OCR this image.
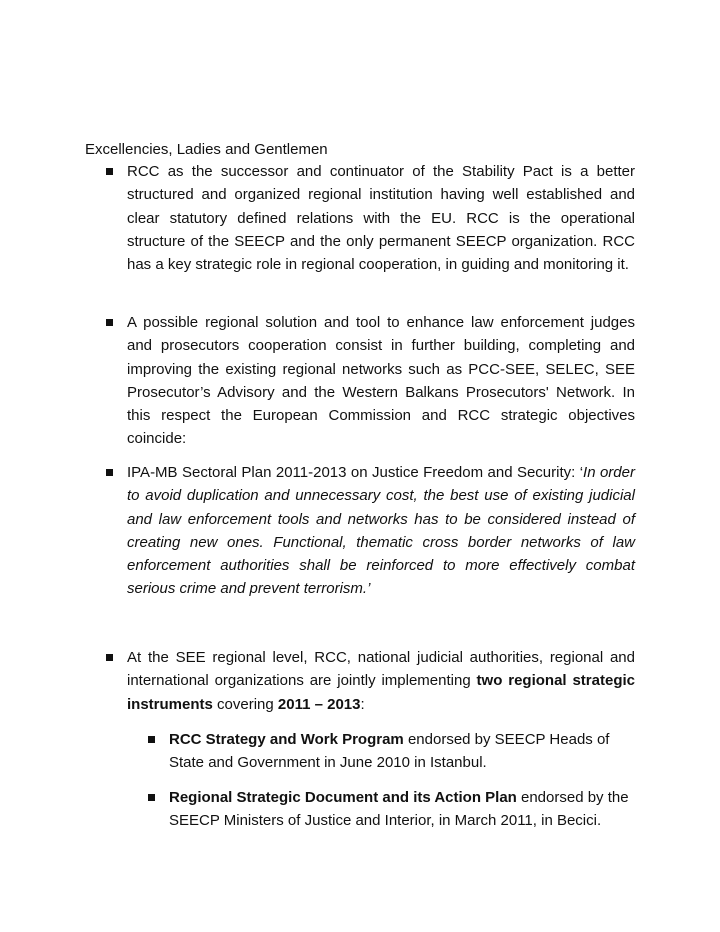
Excellencies, Ladies and Gentlemen
RCC as the successor and continuator of the Stability Pact is a better structured and organized regional institution having well established and clear statutory defined relations with the EU. RCC is the operational structure of the SEECP and the only permanent SEECP organization. RCC has a key strategic role in regional cooperation, in guiding and monitoring it.
A possible regional solution and tool to enhance law enforcement judges and prosecutors cooperation consist in further building, completing and improving the existing regional networks such as PCC-SEE, SELEC, SEE Prosecutor’s Advisory and the Western Balkans Prosecutors' Network. In this respect the European Commission and RCC strategic objectives coincide:
IPA-MB Sectoral Plan 2011-2013 on Justice Freedom and Security: ‘In order to avoid duplication and unnecessary cost, the best use of existing judicial and law enforcement tools and networks has to be considered instead of creating new ones. Functional, thematic cross border networks of law enforcement authorities shall be reinforced to more effectively combat serious crime and prevent terrorism.’
At the SEE regional level, RCC, national judicial authorities, regional and international organizations are jointly implementing two regional strategic instruments covering 2011 – 2013:
RCC Strategy and Work Program endorsed by SEECP Heads of State and Government in June 2010 in Istanbul.
Regional Strategic Document and its Action Plan endorsed by the SEECP Ministers of Justice and Interior, in March 2011, in Becici.
